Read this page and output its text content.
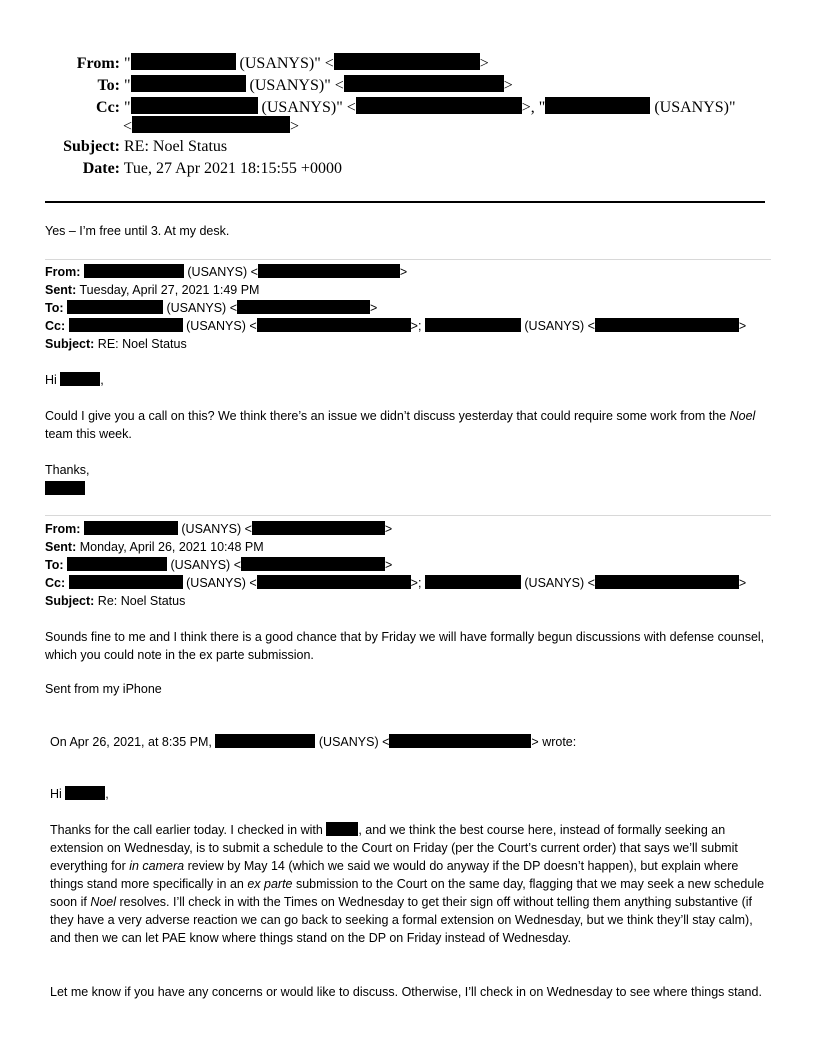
From: "	(USANYS)" <	>
To: "	(USANYS)" <	>
Cc: "	(USANYS)" <	>, "	(USANYS)"
<	>
Subject: RE: Noel Status
Date: Tue, 27 Apr 2021 18:15:55 +0000
Yes – I’m free until 3. At my desk.
From:	(USANYS) <	>
Sent: Tuesday, April 27, 2021 1:49 PM
To:	(USANYS) <	>
Cc:	(USANYS) <	>;	(USANYS) <	>
Subject: RE: Noel Status
Hi	,
Could I give you a call on this? We think there’s an issue we didn’t discuss yesterday that could require some work from the Noel team this week.
Thanks,
From:	(USANYS) <	>
Sent: Monday, April 26, 2021 10:48 PM
To:	(USANYS) <	>
Cc:	(USANYS) <	>;	(USANYS) <	>
Subject: Re: Noel Status
Sounds fine to me and I think there is a good chance that by Friday we will have formally begun discussions with defense counsel, which you could note in the ex parte submission.
Sent from my iPhone
On Apr 26, 2021, at 8:35 PM,	(USANYS) <	> wrote:
Hi	,
Thanks for the call earlier today. I checked in with	, and we think the best course here, instead of formally seeking an extension on Wednesday, is to submit a schedule to the Court on Friday (per the Court’s current order) that says we’ll submit everything for in camera review by May 14 (which we said we would do anyway if the DP doesn’t happen), but explain where things stand more specifically in an ex parte submission to the Court on the same day, flagging that we may seek a new schedule soon if Noel resolves. I’ll check in with the Times on Wednesday to get their sign off without telling them anything substantive (if they have a very adverse reaction we can go back to seeking a formal extension on Wednesday, but we think they’ll stay calm), and then we can let PAE know where things stand on the DP on Friday instead of Wednesday.
Let me know if you have any concerns or would like to discuss. Otherwise, I’ll check in on Wednesday to see where things stand.
